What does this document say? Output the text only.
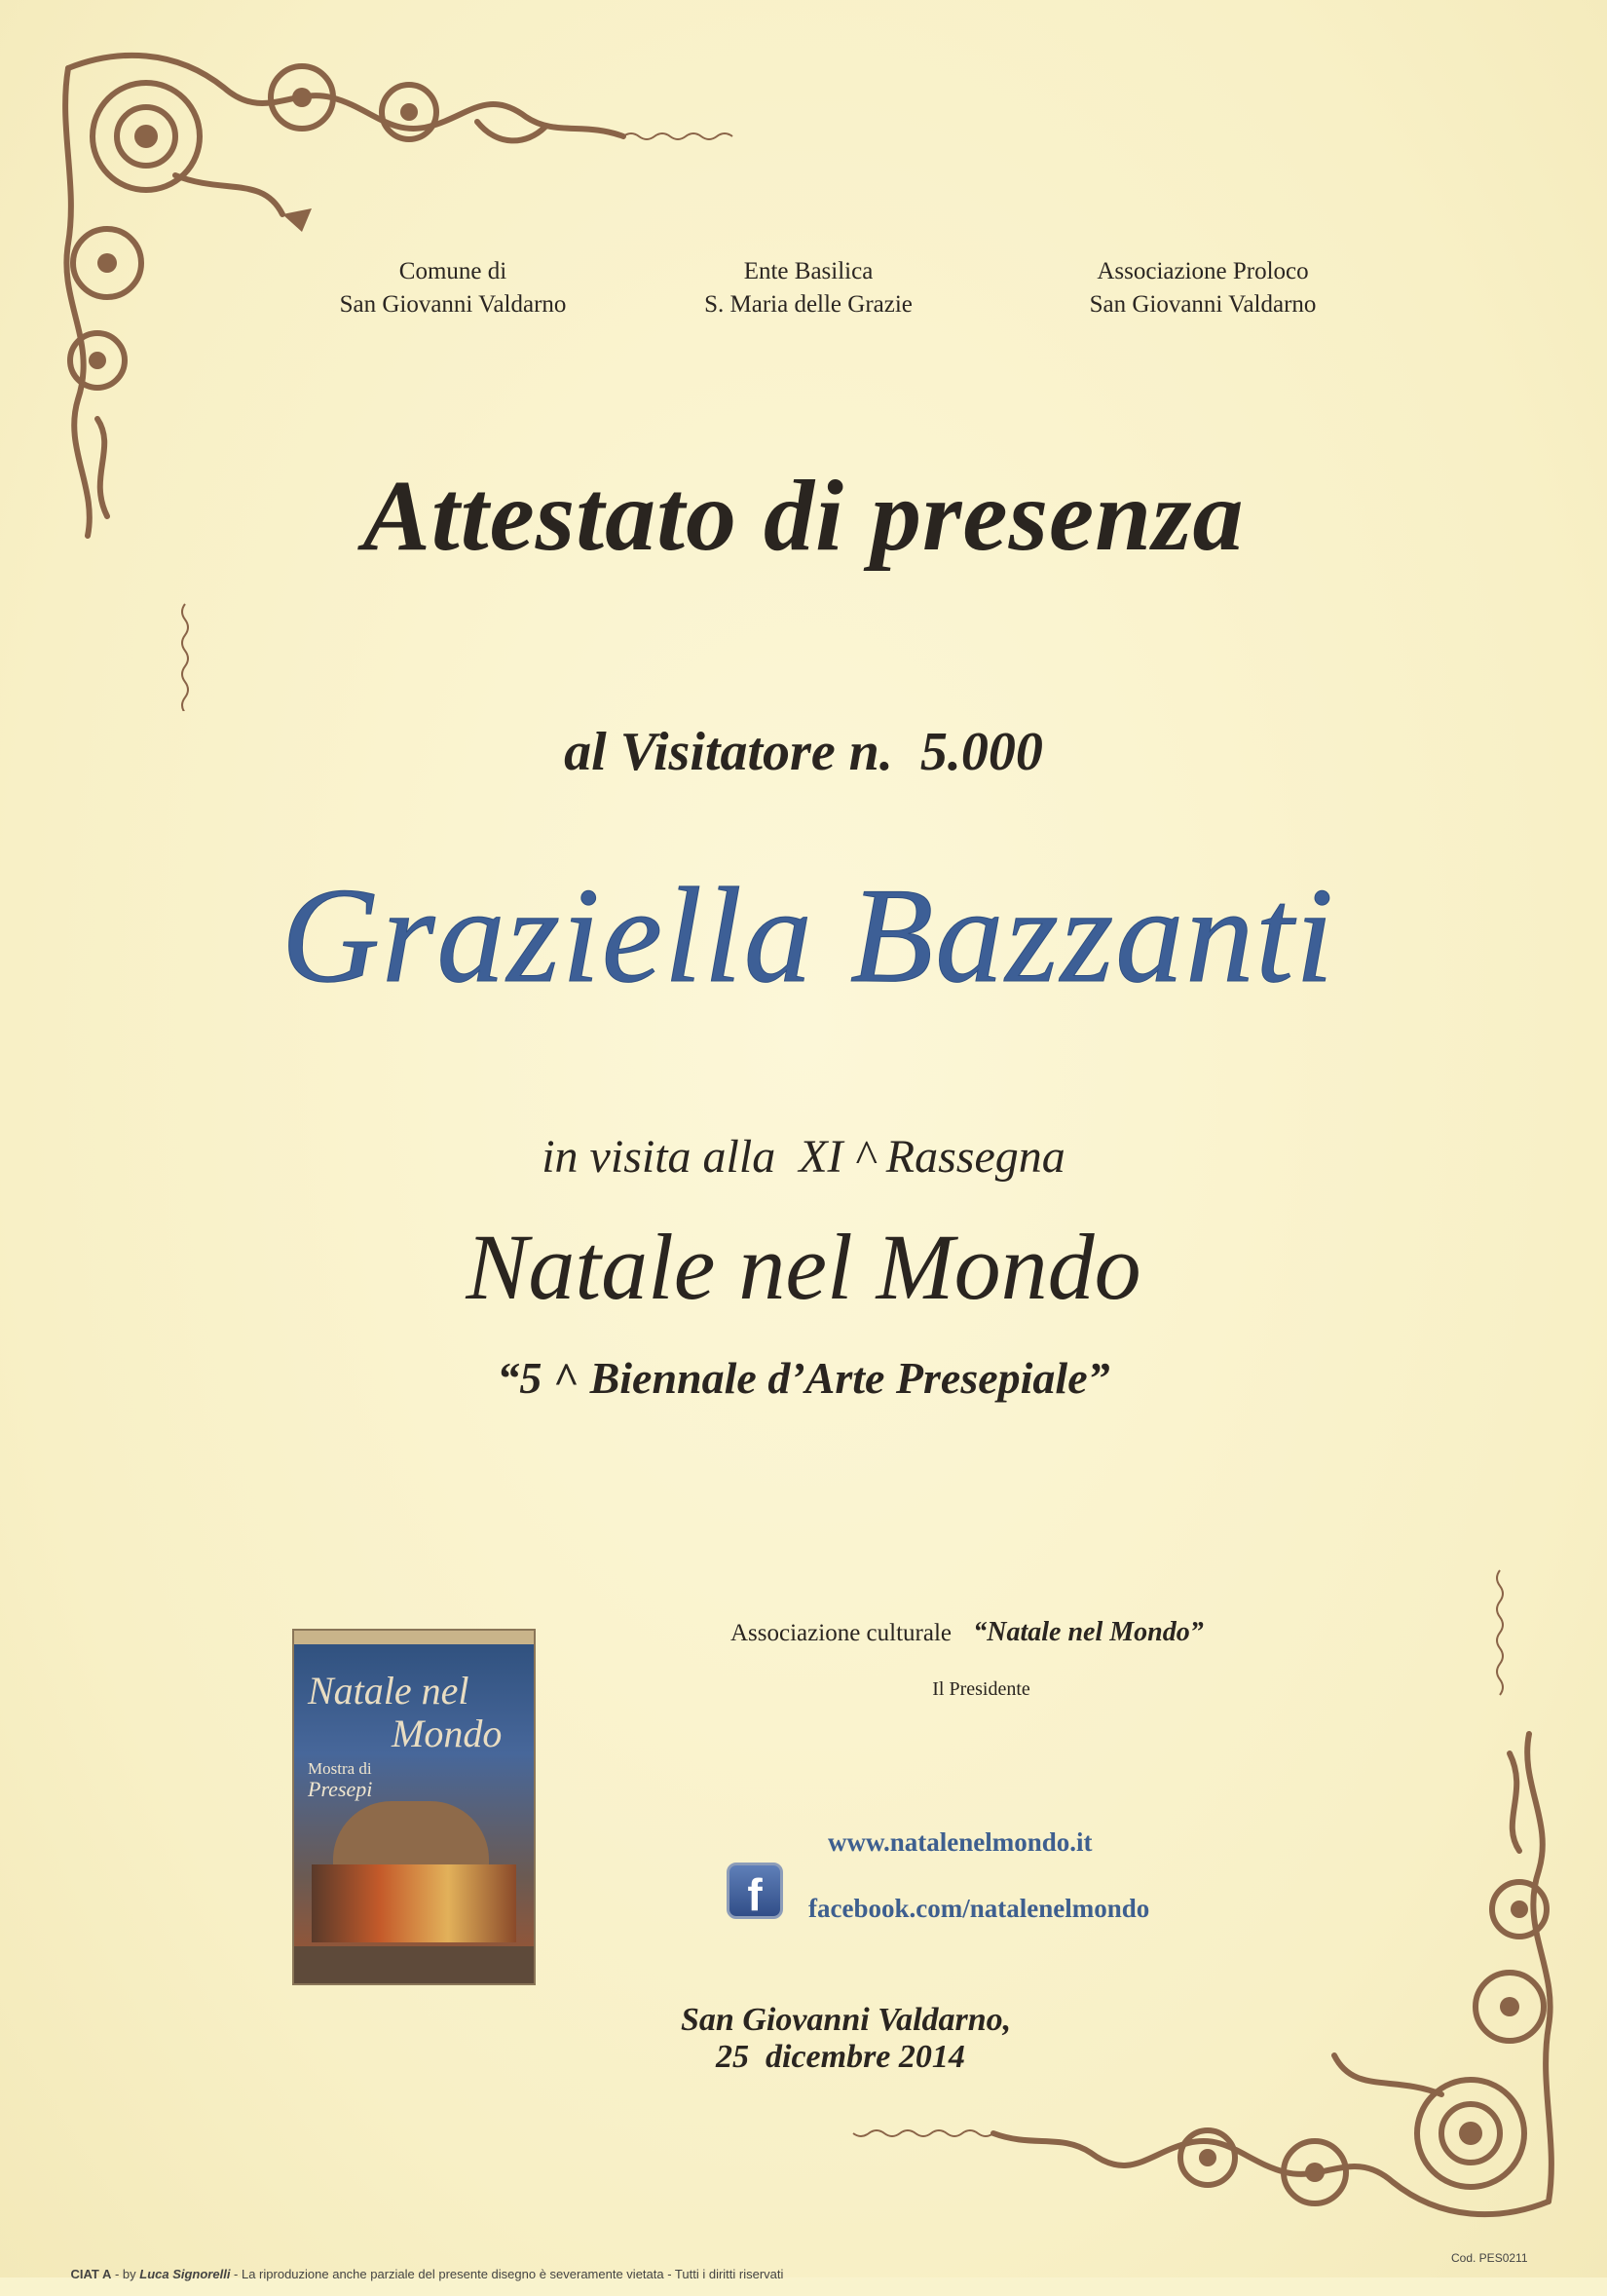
Comune di
San Giovanni Valdarno
Ente Basilica
S. Maria delle Grazie
Associazione Proloco
San Giovanni Valdarno
Attestato di presenza
al Visitatore n.  5.000
Graziella Bazzanti
in visita alla  XI ^ Rassegna
Natale nel Mondo
“5 ^ Biennale d’Arte Presepiale”
Natale nel
Mondo
Mostra di
Presepi
Associazione culturale “Natale nel Mondo”
Il Presidente
www.natalenelmondo.it
f	facebook.com/natalenelmondo

San Giovanni Valdarno,
25  dicembre 2014

CIAT A - by Luca Signorelli - La riproduzione anche parziale del presente disegno è severamente vietata - Tutti i diritti riservati

Cod. PES0211
